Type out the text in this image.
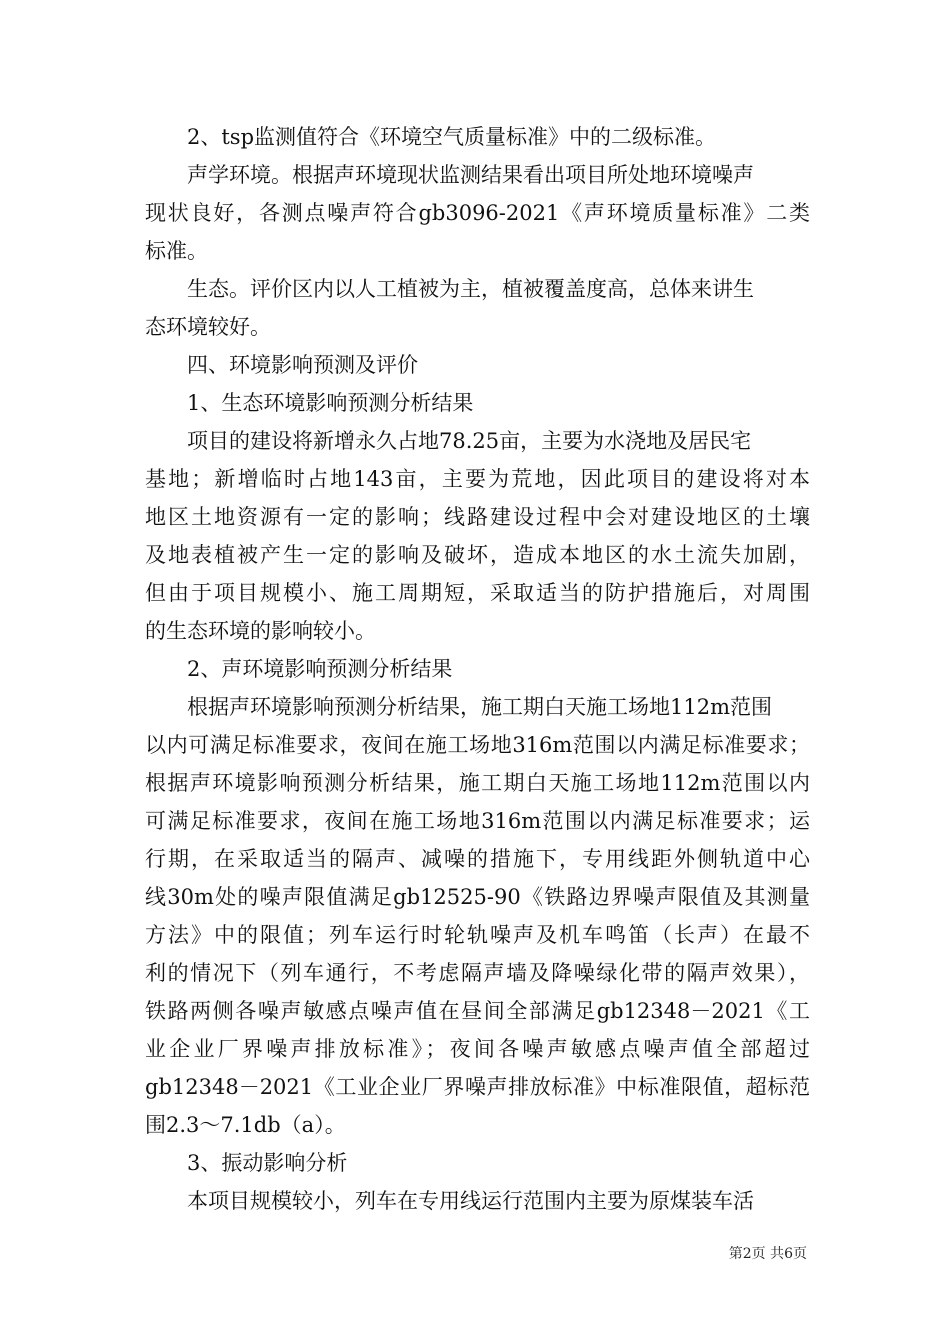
2、tsp监测值符合《环境空气质量标准》中的二级标准。
声学环境。根据声环境现状监测结果看出项目所处地环境噪声
现状良好，各测点噪声符合gb3096-2021《声环境质量标准》二类
标准。
生态。评价区内以人工植被为主，植被覆盖度高，总体来讲生
态环境较好。
四、环境影响预测及评价
1、生态环境影响预测分析结果
项目的建设将新增永久占地78.25亩，主要为水浇地及居民宅
基地；新增临时占地143亩，主要为荒地，因此项目的建设将对本
地区土地资源有一定的影响；线路建设过程中会对建设地区的土壤
及地表植被产生一定的影响及破坏，造成本地区的水土流失加剧，
但由于项目规模小、施工周期短，采取适当的防护措施后，对周围
的生态环境的影响较小。
2、声环境影响预测分析结果
根据声环境影响预测分析结果，施工期白天施工场地112m范围
以内可满足标准要求，夜间在施工场地316m范围以内满足标准要求；
根据声环境影响预测分析结果，施工期白天施工场地112m范围以内
可满足标准要求，夜间在施工场地316m范围以内满足标准要求；运
行期，在采取适当的隔声、减噪的措施下，专用线距外侧轨道中心
线30m处的噪声限值满足gb12525-90《铁路边界噪声限值及其测量
方法》中的限值；列车运行时轮轨噪声及机车鸣笛（长声）在最不
利的情况下（列车通行，不考虑隔声墙及降噪绿化带的隔声效果），
铁路两侧各噪声敏感点噪声值在昼间全部满足gb12348－2021《工
业企业厂界噪声排放标准》；夜间各噪声敏感点噪声值全部超过
gb12348－2021《工业企业厂界噪声排放标准》中标准限值，超标范
围2.3～7.1db（a）。
3、振动影响分析
本项目规模较小，列车在专用线运行范围内主要为原煤装车活
第2页 共6页
